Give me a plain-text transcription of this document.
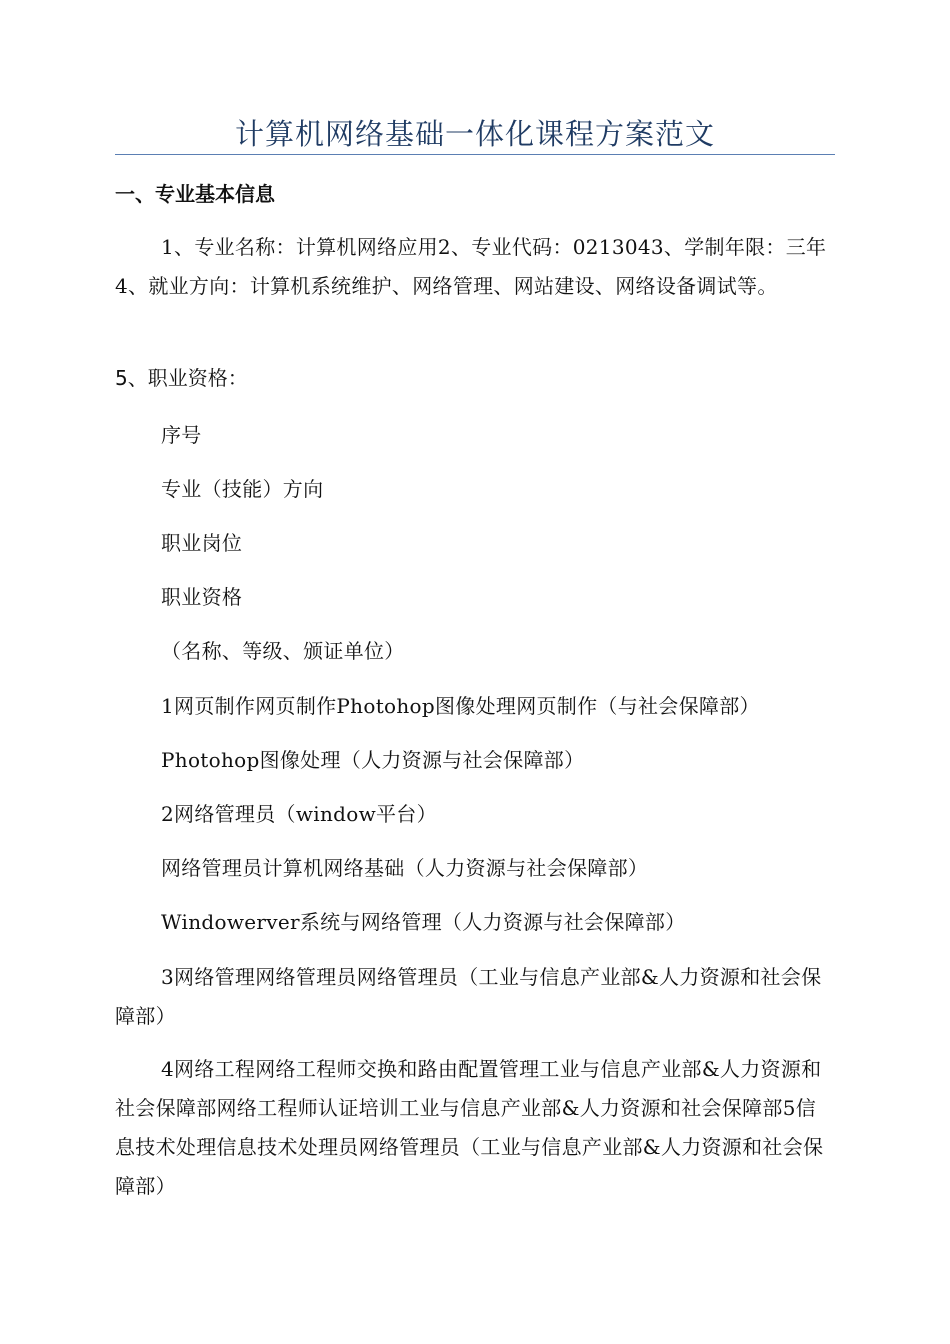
计算机网络基础一体化课程方案范文
一、专业基本信息
1、专业名称：计算机网络应用2、专业代码：0213043、学制年限：三年4、就业方向：计算机系统维护、网络管理、网站建设、网络设备调试等。
5、职业资格：
序号
专业（技能）方向
职业岗位
职业资格
（名称、等级、颁证单位）
1网页制作网页制作Photohop图像处理网页制作（与社会保障部）
Photohop图像处理（人力资源与社会保障部）
2网络管理员（window平台）
网络管理员计算机网络基础（人力资源与社会保障部）
Windowerver系统与网络管理（人力资源与社会保障部）
3网络管理网络管理员网络管理员（工业与信息产业部&人力资源和社会保障部）
4网络工程网络工程师交换和路由配置管理工业与信息产业部&人力资源和社会保障部网络工程师认证培训工业与信息产业部&人力资源和社会保障部5信息技术处理信息技术处理员网络管理员（工业与信息产业部&人力资源和社会保障部）
